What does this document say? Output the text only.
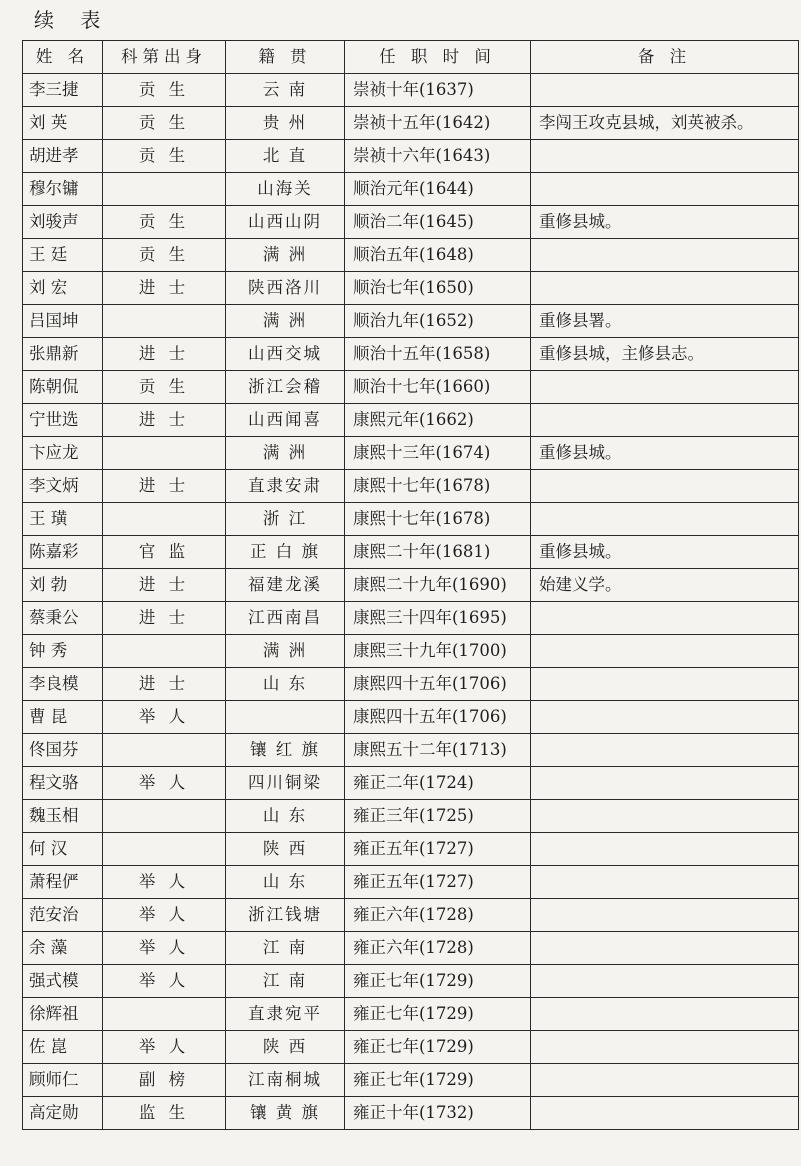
续 表
姓 名	科第出身	籍 贯	任 职 时 间	备 注
李三捷	贡 生	云 南	崇祯十年(1637)	
刘 英	贡 生	贵 州	崇祯十五年(1642)	李闯王攻克县城，刘英被杀。
胡进孝	贡 生	北 直	崇祯十六年(1643)	
穆尔镛		山海关	顺治元年(1644)	
刘骏声	贡 生	山西山阴	顺治二年(1645)	重修县城。
王 廷	贡 生	满 洲	顺治五年(1648)	
刘 宏	进 士	陕西洛川	顺治七年(1650)	
吕国坤		满 洲	顺治九年(1652)	重修县署。
张鼎新	进 士	山西交城	顺治十五年(1658)	重修县城，主修县志。
陈朝侃	贡 生	浙江会稽	顺治十七年(1660)	
宁世选	进 士	山西闻喜	康熙元年(1662)	
卞应龙		满 洲	康熙十三年(1674)	重修县城。
李文炳	进 士	直隶安肃	康熙十七年(1678)	
王 璜		浙 江	康熙十七年(1678)	
陈嘉彩	官 监	正 白 旗	康熙二十年(1681)	重修县城。
刘 勃	进 士	福建龙溪	康熙二十九年(1690)	始建义学。
蔡秉公	进 士	江西南昌	康熙三十四年(1695)	
钟 秀		满 洲	康熙三十九年(1700)	
李良模	进 士	山 东	康熙四十五年(1706)	
曹 昆	举 人		康熙四十五年(1706)	
佟国芬		镶 红 旗	康熙五十二年(1713)	
程文骆	举 人	四川铜梁	雍正二年(1724)	
魏玉相		山 东	雍正三年(1725)	
何 汉		陕 西	雍正五年(1727)	
萧程俨	举 人	山 东	雍正五年(1727)	
范安治	举 人	浙江钱塘	雍正六年(1728)	
余 藻	举 人	江 南	雍正六年(1728)	
强式模	举 人	江 南	雍正七年(1729)	
徐辉祖		直隶宛平	雍正七年(1729)	
佐 崑	举 人	陕 西	雍正七年(1729)	
顾师仁	副 榜	江南桐城	雍正七年(1729)	
高定勋	监 生	镶 黄 旗	雍正十年(1732)	
